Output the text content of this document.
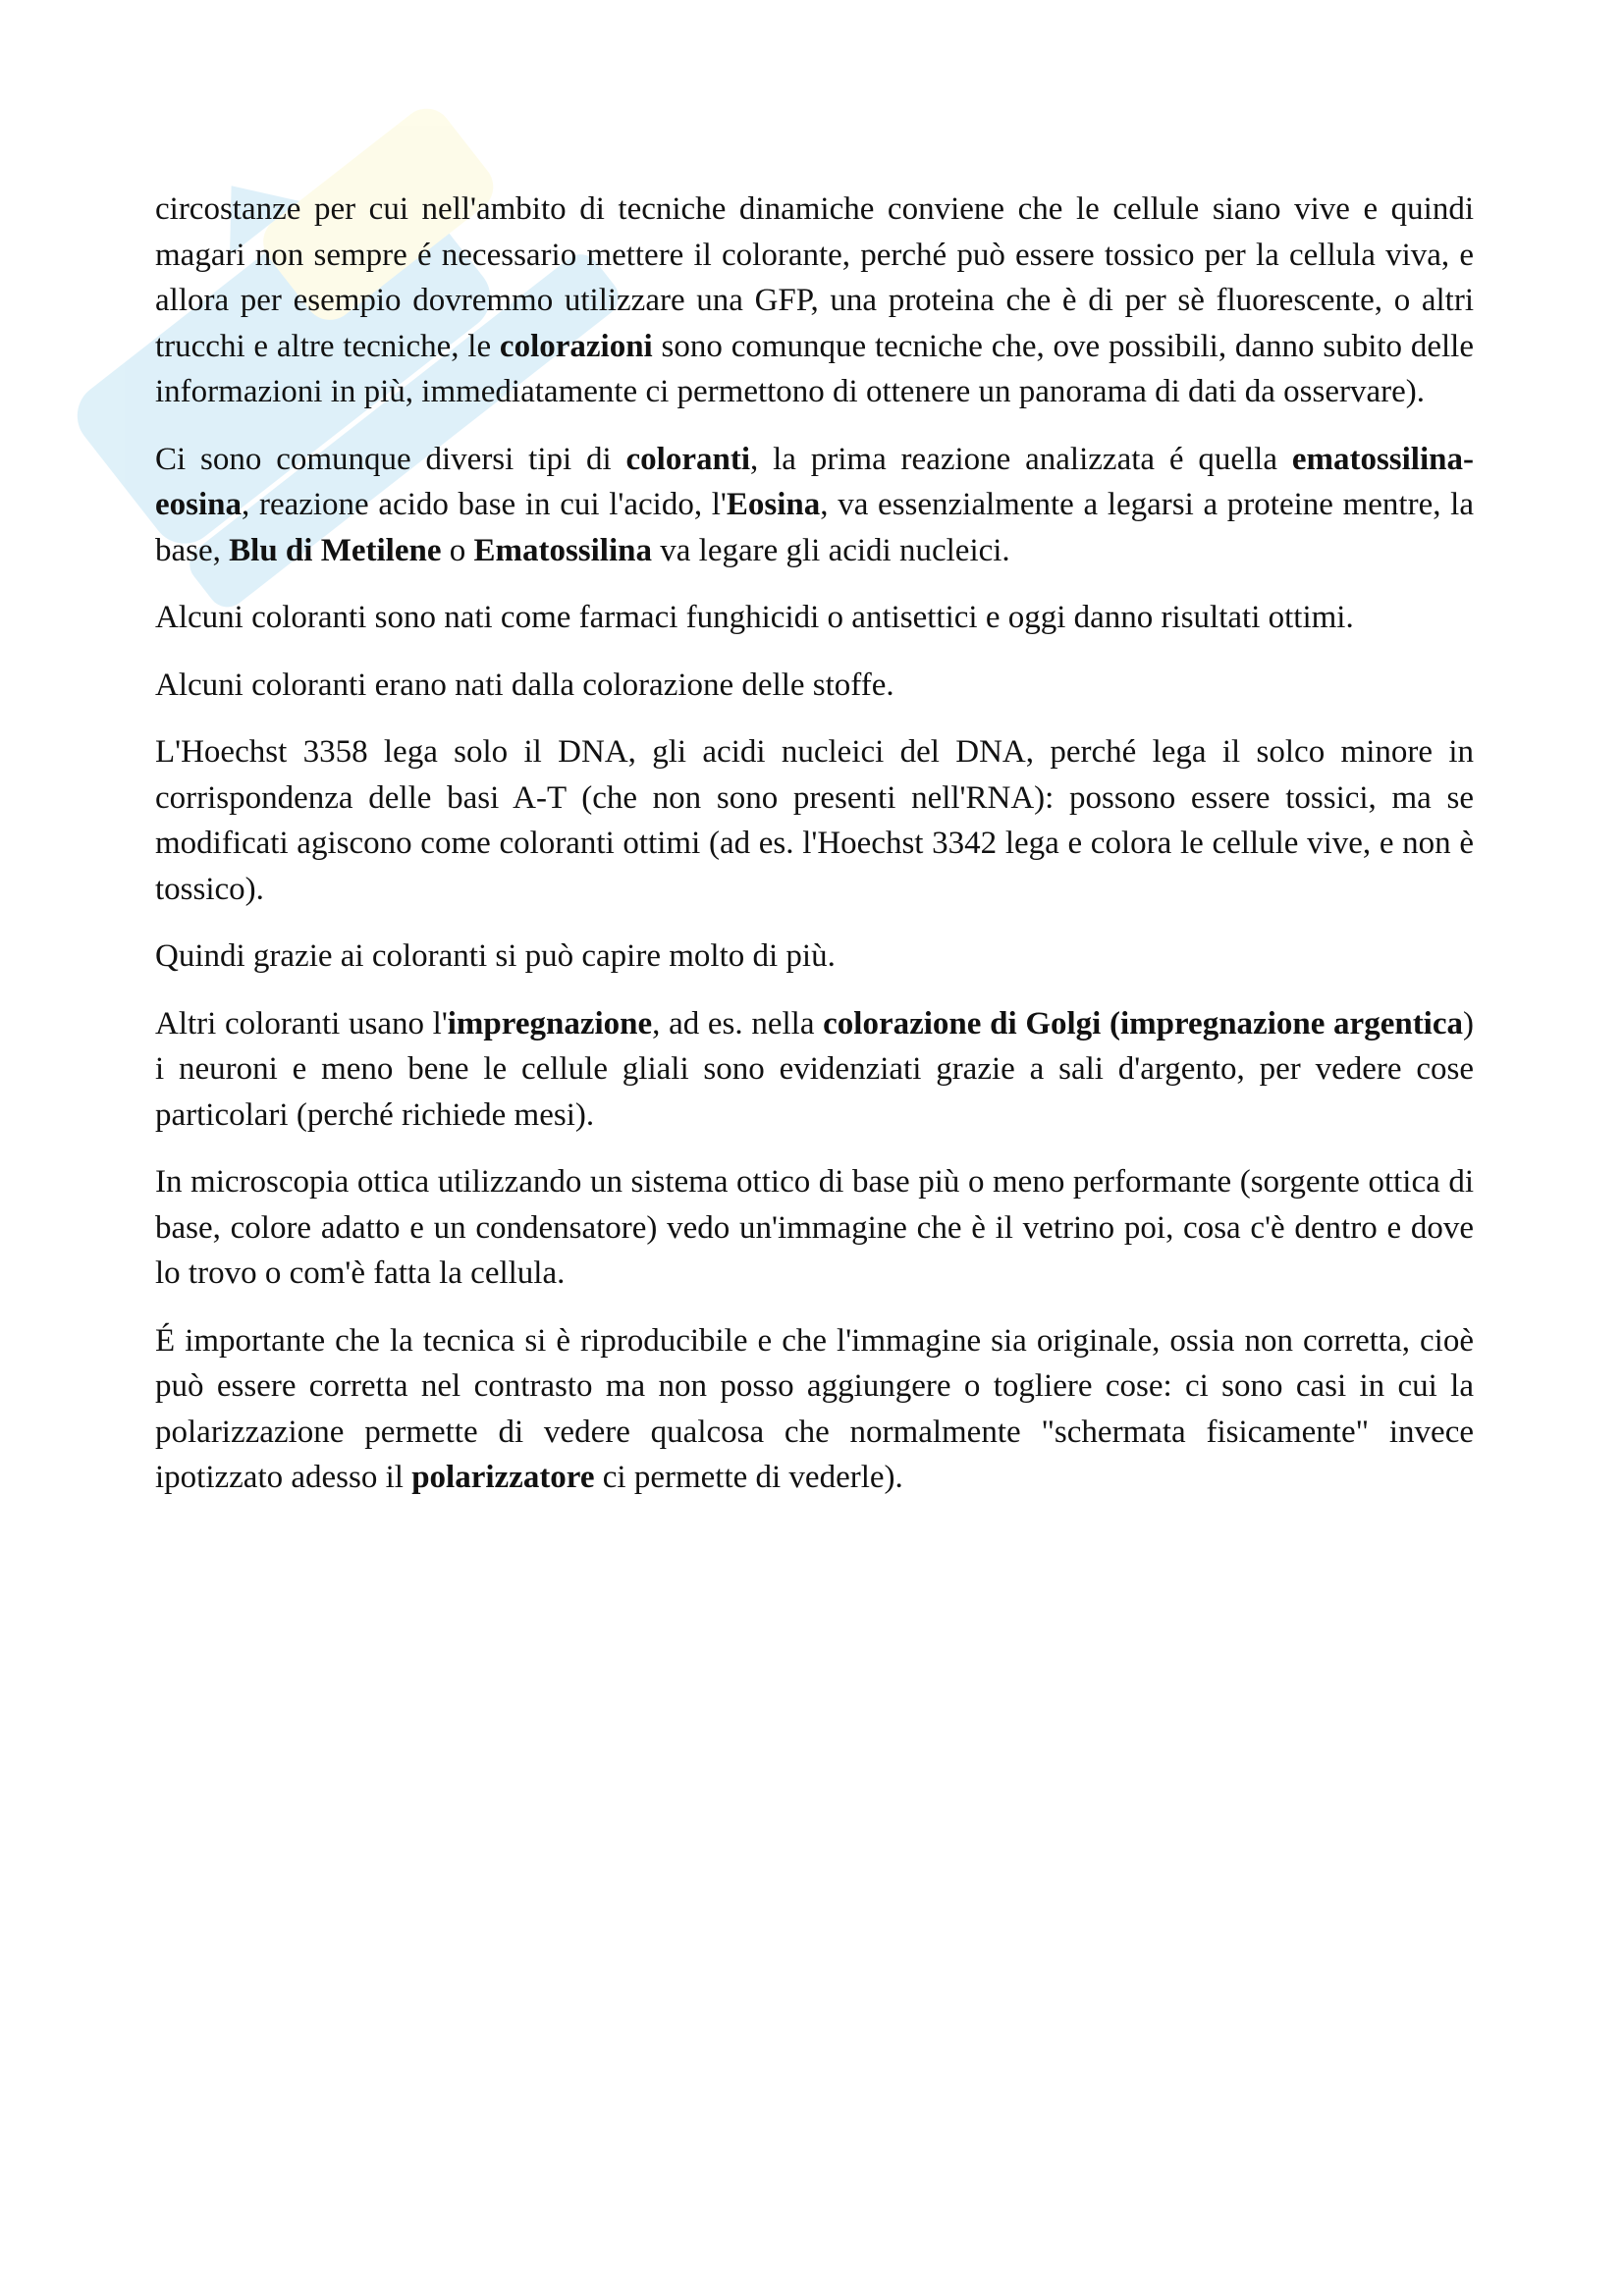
circostanze per cui nell'ambito di tecniche dinamiche conviene che le cellule siano vive e quindi magari non sempre é necessario mettere il colorante, perché può essere tossico per la cellula viva, e allora per esempio dovremmo utilizzare una GFP, una proteina che è di per sè fluorescente, o altri trucchi e altre tecniche, le colorazioni sono comunque tecniche che, ove possibili, danno subito delle informazioni in più, immediatamente ci permettono di ottenere un panorama di dati da osservare).

Ci sono comunque diversi tipi di coloranti, la prima reazione analizzata é quella ematossilina-eosina, reazione acido base in cui l'acido, l'Eosina, va essenzialmente a legarsi a proteine mentre, la base, Blu di Metilene o Ematossilina va legare gli acidi nucleici.

Alcuni coloranti sono nati come farmaci funghicidi o antisettici e oggi danno risultati ottimi.

Alcuni coloranti erano nati dalla colorazione delle stoffe.

L'Hoechst 3358 lega solo il DNA, gli acidi nucleici del DNA, perché lega il solco minore in corrispondenza delle basi A-T (che non sono presenti nell'RNA): possono essere tossici, ma se modificati agiscono come coloranti ottimi (ad es. l'Hoechst 3342 lega e colora le cellule vive, e non è tossico).

Quindi grazie ai coloranti si può capire molto di più.

Altri coloranti usano l'impregnazione, ad es. nella colorazione di Golgi (impregnazione argentica) i neuroni e meno bene le cellule gliali sono evidenziati grazie a sali d'argento, per vedere cose particolari (perché richiede mesi).

In microscopia ottica utilizzando un sistema ottico di base più o meno performante (sorgente ottica di base, colore adatto e un condensatore) vedo un'immagine che è il vetrino poi, cosa c'è dentro e dove lo trovo o com'è fatta la cellula.

É importante che la tecnica si è riproducibile e che l'immagine sia originale, ossia non corretta, cioè può essere corretta nel contrasto ma non posso aggiungere o togliere cose: ci sono casi in cui la polarizzazione permette di vedere qualcosa che normalmente "schermata fisicamente" invece ipotizzato adesso il polarizzatore ci permette di vederle).
